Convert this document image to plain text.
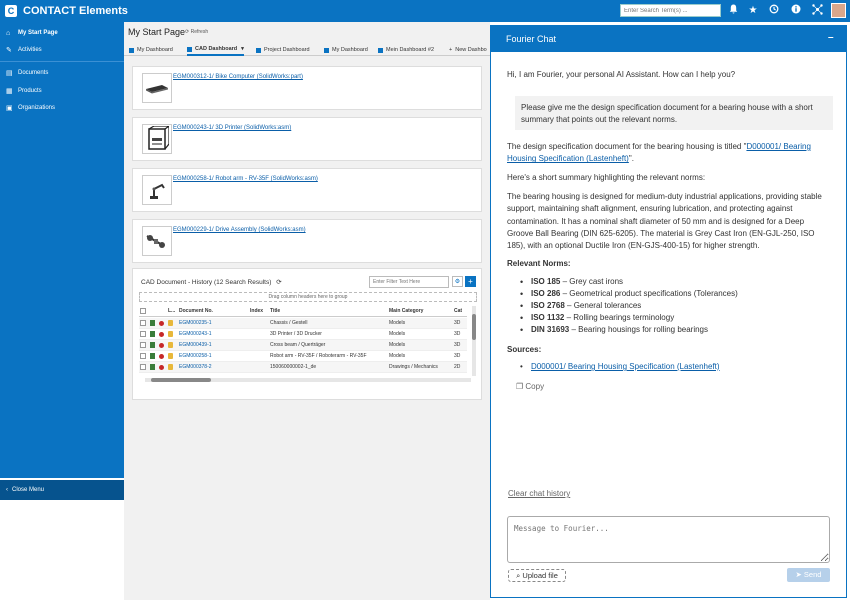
C CONTACT Elements
Enter Search Term(s) ...	★
⌂	My Start Page
✎	Activities
▤ Documents
▦ Products
▣ Organizations
‹ Close Menu
My Start Page ⟳ Refresh
My Dashboard	CAD Dashboard ▾	Project Dashboard	My Dashboard	Mein Dashboard #2	+ New Dashbo
EGM000312-1/ Bike Computer (SolidWorks:part)
EGM000243-1/ 3D Printer (SolidWorks:asm)
EGM000258-1/ Robot arm - RV-35F (SolidWorks:asm)
EGM000229-1/ Drive Assembly (SolidWorks:asm)
CAD Document - History (12 Search Results) ⟳
Enter Filter Text Here	⚙ +
Drag column headers here to group
L... Document No.	Index Title	Main Category	Cat
EGM000235-1	Chassis / Gestell	Models	3D
EGM000243-1	3D Printer / 3D Drucker	Models	3D
EGM000439-1	Cross beam / Querträger	Models	3D
EGM000258-1	Robot arm - RV-35F / Roboterarm - RV-35F	Models	3D
EGM000378-2	150060000002-1_de	Drawings / Mechanics	2D
Fourier Chat	–
Hi, I am Fourier, your personal AI Assistant. How can I help you?
Please give me the design specification document for a bearing house with a short summary that points out the relevant norms.
The design specification document for the bearing housing is titled "D000001/ Bearing Housing Specification (Lastenheft)".
Here's a short summary highlighting the relevant norms:
The bearing housing is designed for medium-duty industrial applications, providing stable support, maintaining shaft alignment, ensuring lubrication, and protecting against contamination. It has a nominal shaft diameter of 50 mm and is designed for a Deep Groove Ball Bearing (DIN 625-6205). The material is Grey Cast Iron (EN-GJL-250, ISO 185), with an optional Ductile Iron (EN-GJS-400-15) for higher strength.
Relevant Norms:
• ISO 185 – Grey cast irons
• ISO 286 – Geometrical product specifications (Tolerances)
• ISO 2768 – General tolerances
• ISO 1132 – Rolling bearings terminology
• DIN 31693 – Bearing housings for rolling bearings
Sources:
• D000001/ Bearing Housing Specification (Lastenheft)
❐ Copy
Clear chat history
Message to Fourier...
⌕ Upload file	➤ Send
